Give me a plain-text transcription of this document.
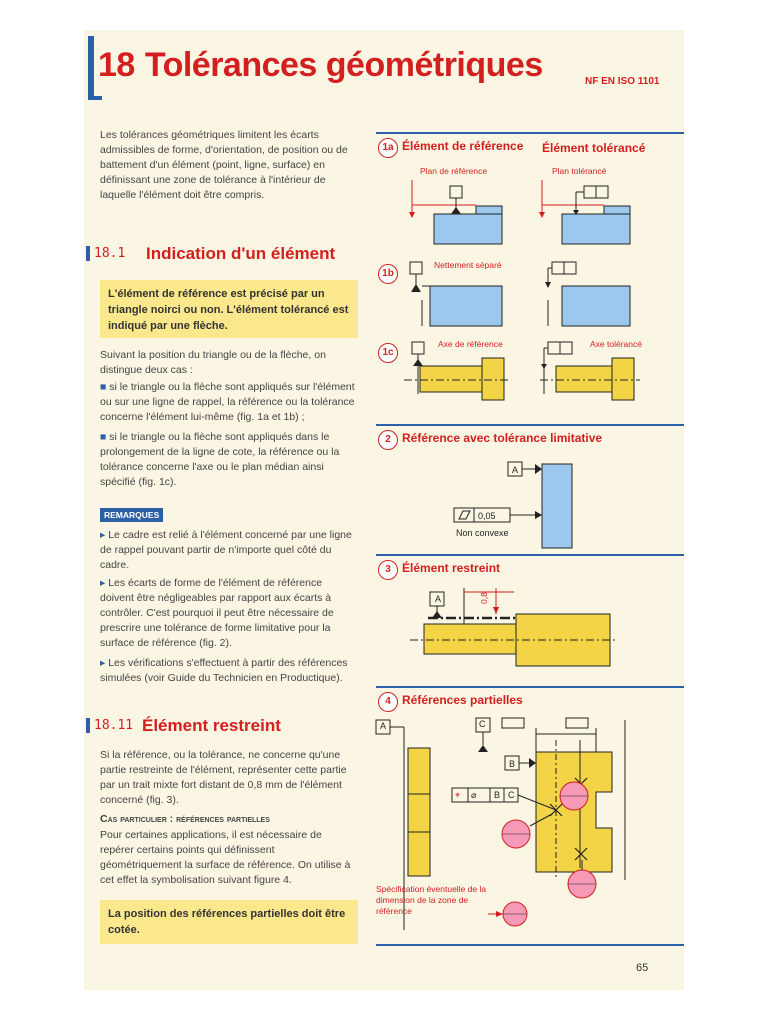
18 Tolérances géométriques	NF EN ISO 1101
Les tolérances géométriques limitent les écarts admissibles de forme, d'orientation, de position ou de battement d'un élément (point, ligne, surface) en définissant une zone de tolérance à l'intérieur de laquelle l'élément doit être compris.
18.1 Indication d'un élément
L'élément de référence est précisé par un triangle noirci ou non. L'élément tolérancé est indiqué par une flèche.
Suivant la position du triangle ou de la flèche, on distingue deux cas :
■ si le triangle ou la flèche sont appliqués sur l'élément ou sur une ligne de rappel, la référence ou la tolérance concerne l'élément lui-même (fig. 1a et 1b) ;
■ si le triangle ou la flèche sont appliqués dans le prolongement de la ligne de cote, la référence ou la tolérance concerne l'axe ou le plan médian ainsi spécifié (fig. 1c).
REMARQUES
▸ Le cadre est relié à l'élément concerné par une ligne de rappel pouvant partir de n'importe quel côté du cadre.
▸ Les écarts de forme de l'élément de référence doivent être négligeables par rapport aux écarts à contrôler. C'est pourquoi il peut être nécessaire de prescrire une tolérance de forme limitative pour la surface de référence (fig. 2).
▸ Les vérifications s'effectuent à partir des références simulées (voir Guide du Technicien en Productique).
18.11 Élément restreint
Si la référence, ou la tolérance, ne concerne qu'une partie restreinte de l'élément, représenter cette partie par un trait mixte fort distant de 0,8 mm de l'élément concerné (fig. 3).
Cas particulier : références partielles
Pour certaines applications, il est nécessaire de repérer certains points qui définissent géométriquement la surface de référence. On utilise à cet effet la symbolisation suivant figure 4.
La position des références partielles doit être cotée.
1a Élément de référence Élément tolérancé
Plan de référence	Plan tolérancé
1b
Nettement séparé
1c
Axe de référence	Axe tolérancé
2 Référence avec tolérance limitative
A
0,05
Non convexe
3 Élément restreint
A	0,8
4 Références partielles
A	C
B
⌖ ⌀ B C
Spécification éventuelle de la dimension de la zone de référence
65
